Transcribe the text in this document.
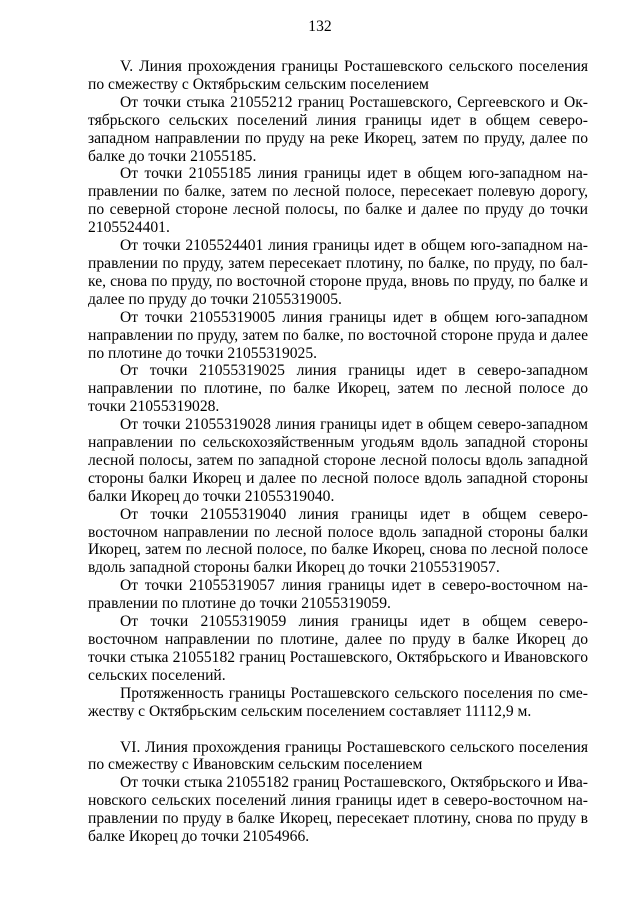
132

V. Линия прохождения границы Росташевского сельского поселения по смежеству с Октябрьским сельским поселением

От точки стыка 21055212 границ Росташевского, Сергеевского и Октябрьского сельских поселений линия границы идет в общем северо-западном направлении по пруду на реке Икорец, затем по пруду, далее по балке до точки 21055185.

От точки 21055185 линия границы идет в общем юго-западном направлении по балке, затем по лесной полосе, пересекает полевую дорогу, по северной стороне лесной полосы, по балке и далее по пруду до точки 2105524401.

От точки 2105524401 линия границы идет в общем юго-западном направлении по пруду, затем пересекает плотину, по балке, по пруду, по балке, снова по пруду, по восточной стороне пруда, вновь по пруду, по балке и далее по пруду до точки 21055319005.

От точки 21055319005 линия границы идет в общем юго-западном направлении по пруду, затем по балке, по восточной стороне пруда и далее по плотине до точки 21055319025.

От точки 21055319025 линия границы идет в северо-западном направлении по плотине, по балке Икорец, затем по лесной полосе до точки 21055319028.

От точки 21055319028 линия границы идет в общем северо-западном направлении по сельскохозяйственным угодьям вдоль западной стороны лесной полосы, затем по западной стороне лесной полосы вдоль западной стороны балки Икорец и далее по лесной полосе вдоль западной стороны балки Икорец до точки 21055319040.

От точки 21055319040 линия границы идет в общем северо-восточном направлении по лесной полосе вдоль западной стороны балки Икорец, затем по лесной полосе, по балке Икорец, снова по лесной полосе вдоль западной стороны балки Икорец до точки 21055319057.

От точки 21055319057 линия границы идет в северо-восточном направлении по плотине до точки 21055319059.

От точки 21055319059 линия границы идет в общем северо-восточном направлении по плотине, далее по пруду в балке Икорец до точки стыка 21055182 границ Росташевского, Октябрьского и Ивановского сельских поселений.

Протяженность границы Росташевского сельского поселения по смежеству с Октябрьским сельским поселением составляет 11112,9 м.

VI. Линия прохождения границы Росташевского сельского поселения по смежеству с Ивановским сельским поселением

От точки стыка 21055182 границ Росташевского, Октябрьского и Ивановского сельских поселений линия границы идет в северо-восточном направлении по пруду в балке Икорец, пересекает плотину, снова по пруду в балке Икорец до точки 21054966.
